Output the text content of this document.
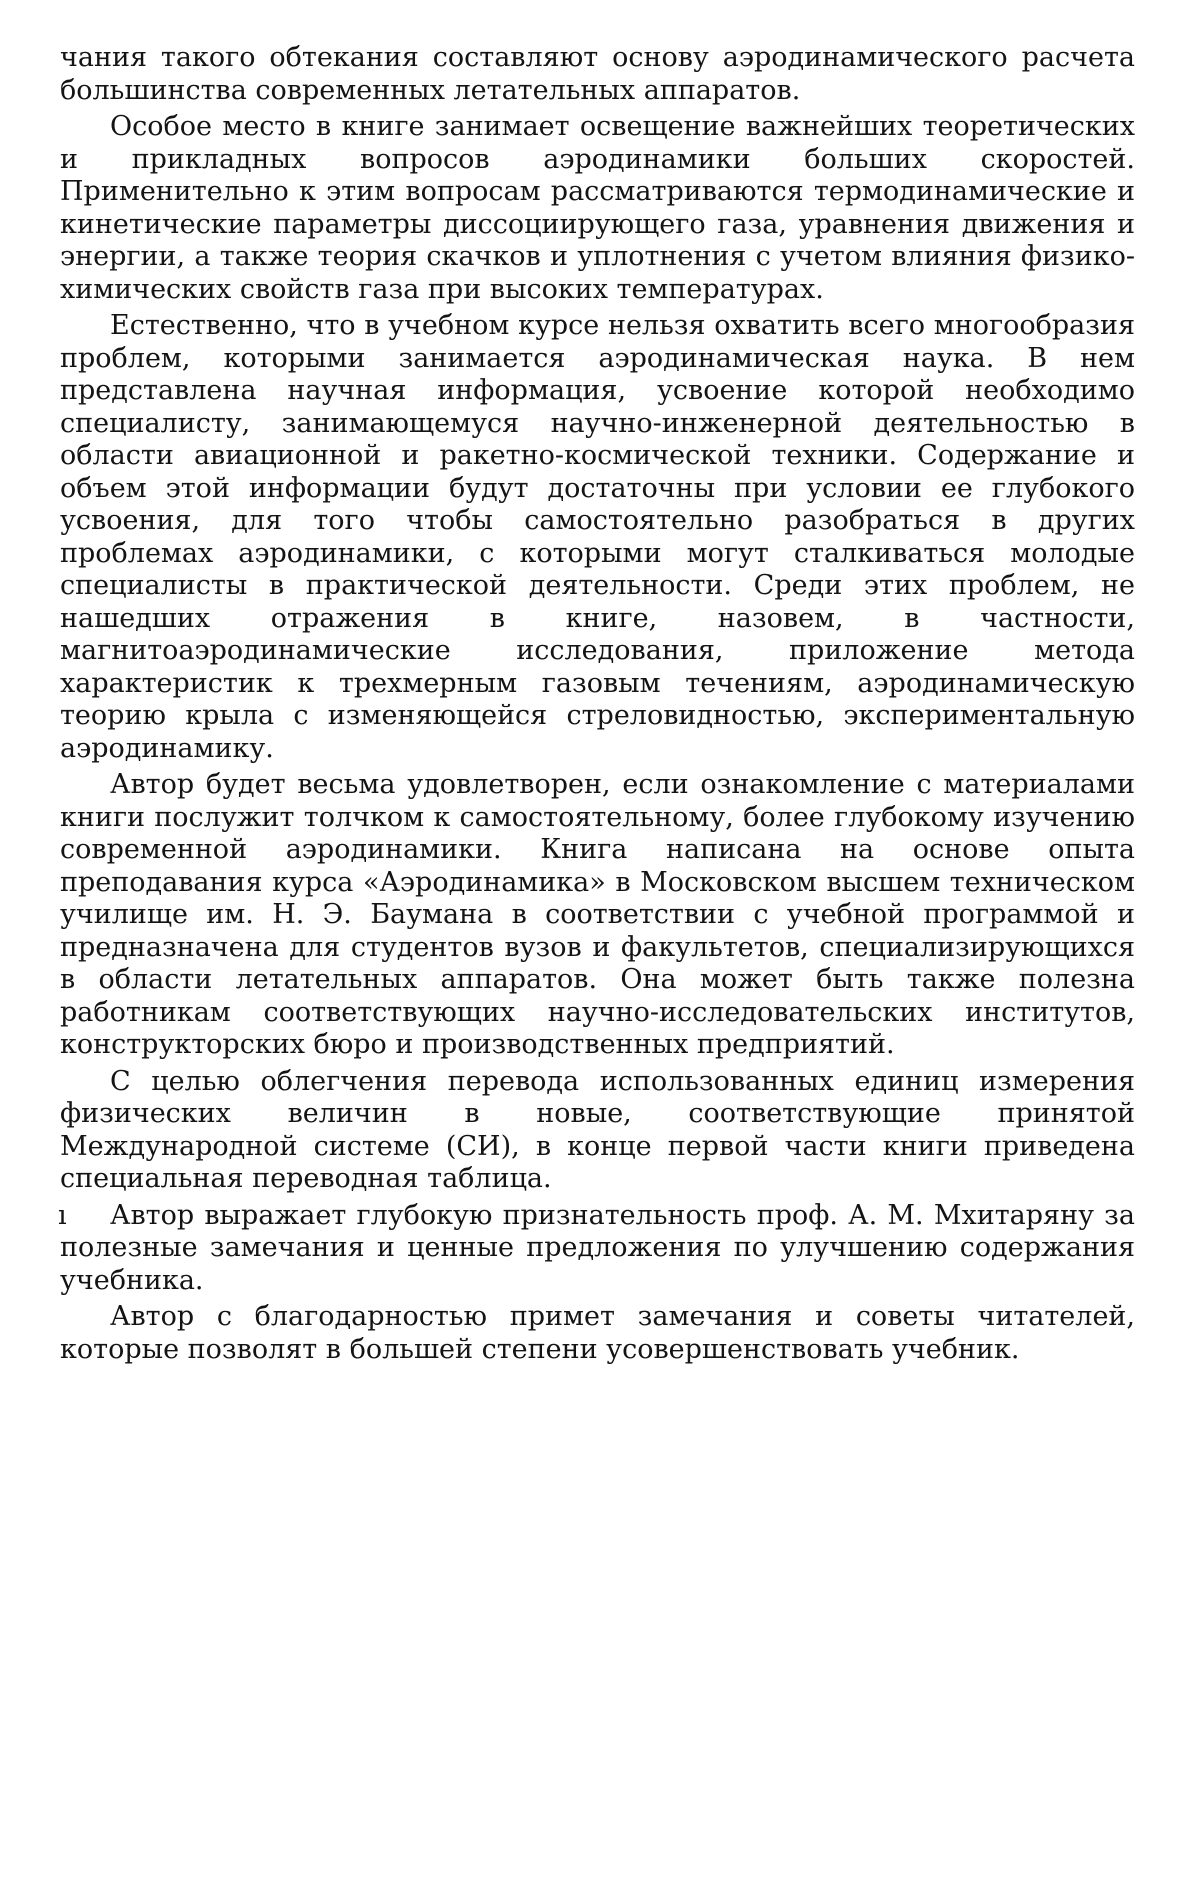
чания такого обтекания составляют основу аэродинамического расчета большинства современных летательных аппаратов.

Особое место в книге занимает освещение важнейших теоретических и прикладных вопросов аэродинамики больших скоростей. Применительно к этим вопросам рассматриваются термодинамические и кинетические параметры диссоциирующего газа, уравнения движения и энергии, а также теория скачков и уплотнения с учетом влияния физико-химических свойств газа при высоких температурах.

Естественно, что в учебном курсе нельзя охватить всего многообразия проблем, которыми занимается аэродинамическая наука. В нем представлена научная информация, усвоение которой необходимо специалисту, занимающемуся научно-инженерной деятельностью в области авиационной и ракетно-космической техники. Содержание и объем этой информации будут достаточны при условии ее глубокого усвоения, для того чтобы самостоятельно разобраться в других проблемах аэродинамики, с которыми могут сталкиваться молодые специалисты в практической деятельности. Среди этих проблем, не нашедших отражения в книге, назовем, в частности, магнитоаэродинамические исследования, приложение метода характеристик к трехмерным газовым течениям, аэродинамическую теорию крыла с изменяющейся стреловидностью, экспериментальную аэродинамику.

Автор будет весьма удовлетворен, если ознакомление с материалами книги послужит толчком к самостоятельному, более глубокому изучению современной аэродинамики. Книга написана на основе опыта преподавания курса «Аэродинамика» в Московском высшем техническом училище им. Н. Э. Баумана в соответствии с учебной программой и предназначена для студентов вузов и факультетов, специализирующихся в области летательных аппаратов. Она может быть также полезна работникам соответствующих научно-исследовательских институтов, конструкторских бюро и производственных предприятий.

С целью облегчения перевода использованных единиц измерения физических величин в новые, соответствующие принятой Международной системе (СИ), в конце первой части книги приведена специальная переводная таблица.

ı Автор выражает глубокую признательность проф. А. М. Мхитаряну за полезные замечания и ценные предложения по улучшению содержания учебника.

Автор с благодарностью примет замечания и советы читателей, которые позволят в большей степени усовершенствовать учебник.
